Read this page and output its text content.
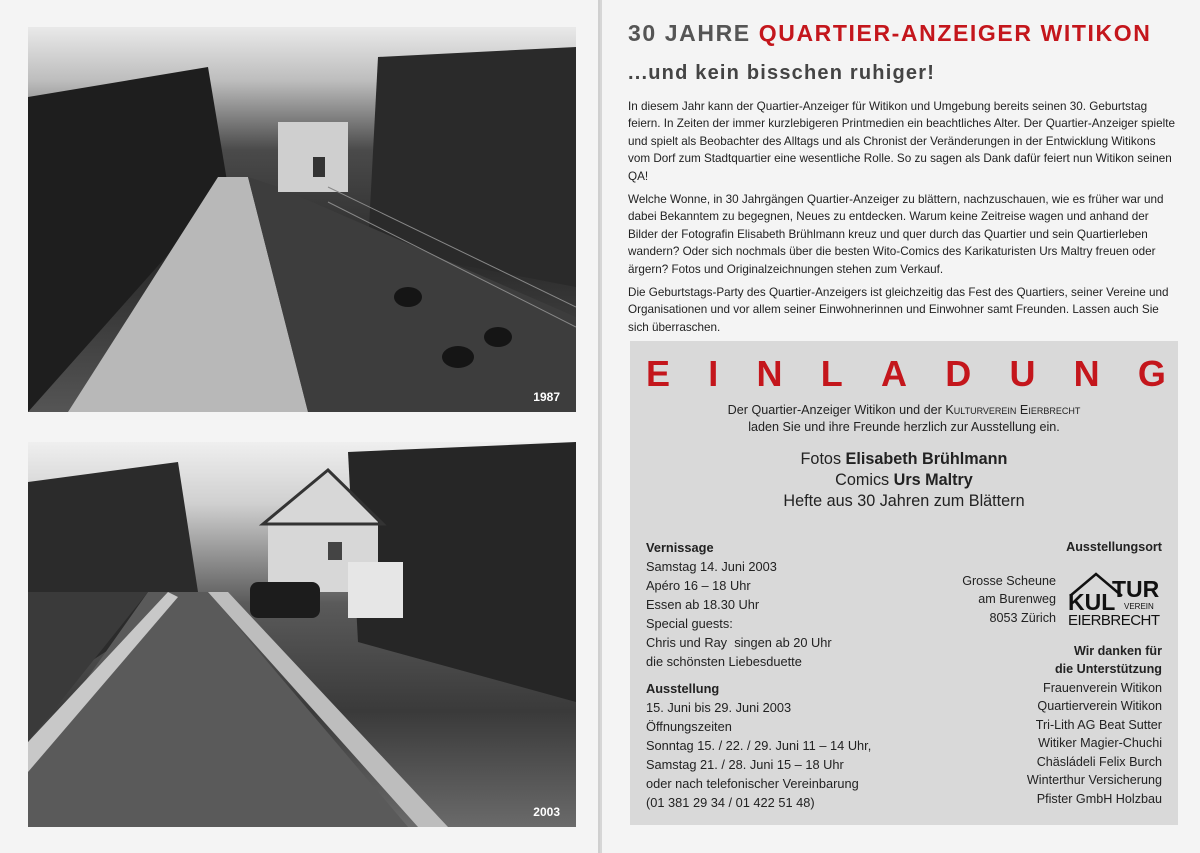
1987
2003
30 JAHRE QUARTIER-ANZEIGER WITIKON
...und kein bisschen ruhiger!

In diesem Jahr kann der Quartier-Anzeiger für Witikon und Umgebung bereits seinen 30. Geburtstag feiern. In Zeiten der immer kurzlebigeren Printmedien ein beachtliches Alter. Der Quartier-Anzeiger spielte und spielt als Beobachter des Alltags und als Chronist der Veränderungen in der Entwicklung Witikons vom Dorf zum Stadtquartier eine wesentliche Rolle. So zu sagen als Dank dafür feiert nun Witikon seinen QA!

Welche Wonne, in 30 Jahrgängen Quartier-Anzeiger zu blättern, nachzuschauen, wie es früher war und dabei Bekanntem zu begegnen, Neues zu entdecken. Warum keine Zeitreise wagen und anhand der Bilder der Fotografin Elisabeth Brühlmann kreuz und quer durch das Quartier und sein Quartierleben wandern? Oder sich nochmals über die besten Wito-Comics des Karikaturisten Urs Maltry freuen oder ärgern? Fotos und Originalzeichnungen stehen zum Verkauf.

Die Geburtstags-Party des Quartier-Anzeigers ist gleichzeitig das Fest des Quartiers, seiner Vereine und Organisationen und vor allem seiner Einwohnerinnen und Einwohner samt Freunden. Lassen auch Sie sich überraschen.

E I N L A D U N G
Der Quartier-Anzeiger Witikon und der Kulturverein Eierbrecht
laden Sie und ihre Freunde herzlich zur Ausstellung ein.
Fotos Elisabeth Brühlmann
Comics Urs Maltry
Hefte aus 30 Jahren zum Blättern
Vernissage
Samstag 14. Juni 2003
Apéro 16 – 18 Uhr
Essen ab 18.30 Uhr
Special guests:
Chris und Ray  singen ab 20 Uhr
die schönsten Liebesduette
Ausstellung
15. Juni bis 29. Juni 2003
Öffnungszeiten
Sonntag 15. / 22. / 29. Juni 11 – 14 Uhr,
Samstag 21. / 28. Juni 15 – 18 Uhr
oder nach telefonischer Vereinbarung
(01 381 29 34 / 01 422 51 48)
Ausstellungsort
Grosse Scheune
am Burenweg
8053 Zürich
KUL
TUR
VEREIN
EIERBRECHT
Wir danken für
die Unterstützung
Frauenverein Witikon
Quartierverein Witikon
Tri-Lith AG Beat Sutter
Witiker Magier-Chuchi
Chäsládeli Felix Burch
Winterthur Versicherung
Pfister GmbH Holzbau
